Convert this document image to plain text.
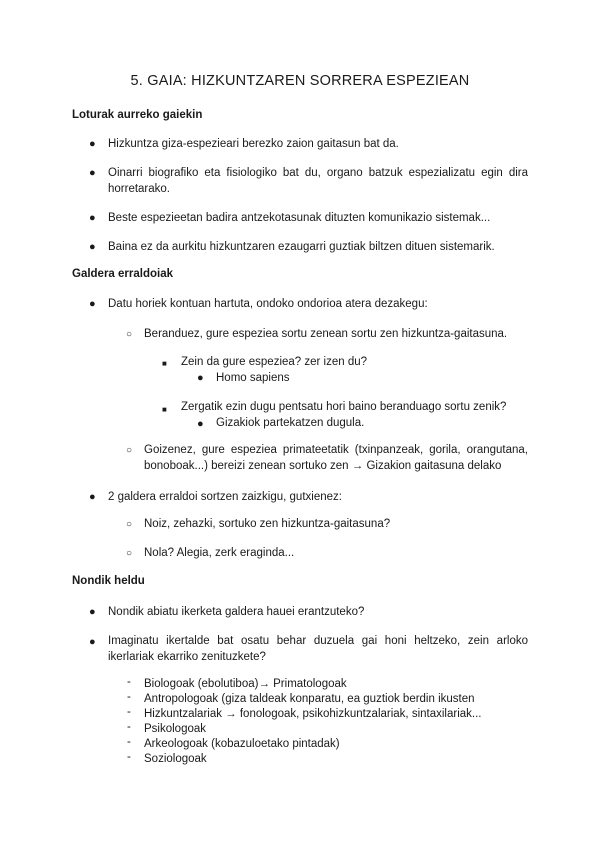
5. GAIA: HIZKUNTZAREN SORRERA ESPEZIEAN
Loturak aurreko gaiekin
● Hizkuntza giza-espezieari berezko zaion gaitasun bat da.
● Oinarri biografiko eta fisiologiko bat du, organo batzuk espezializatu egin dira horretarako.
● Beste espezieetan badira antzekotasunak dituzten komunikazio sistemak...
● Baina ez da aurkitu hizkuntzaren ezaugarri guztiak biltzen dituen sistemarik.
Galdera erraldoiak
● Datu horiek kontuan hartuta, ondoko ondorioa atera dezakegu:
○ Beranduez, gure espeziea sortu zenean sortu zen hizkuntza-gaitasuna.
■ Zein da gure espeziea? zer izen du?
● Homo sapiens
■ Zergatik ezin dugu pentsatu hori baino beranduago sortu zenik?
● Gizakiok partekatzen dugula.
○ Goizenez, gure espeziea primateetatik (txinpanzeak, gorila, orangutana, bonoboak...) bereizi zenean sortuko zen → Gizakion gaitasuna delako
● 2 galdera erraldoi sortzen zaizkigu, gutxienez:
○ Noiz, zehazki, sortuko zen hizkuntza-gaitasuna?
○ Nola? Alegia, zerk eraginda...
Nondik heldu
● Nondik abiatu ikerketa galdera hauei erantzuteko?
● Imaginatu ikertalde bat osatu behar duzuela gai honi heltzeko, zein arloko ikerlariak ekarriko zenituzkete?
- Biologoak (ebolutiboa)→ Primatologoak
- Antropologoak (giza taldeak konparatu, ea guztiok berdin ikusten
- Hizkuntzalariak → fonologoak, psikohizkuntzalariak, sintaxilariak...
- Psikologoak
- Arkeologoak (kobazuloetako pintadak)
- Soziologoak
